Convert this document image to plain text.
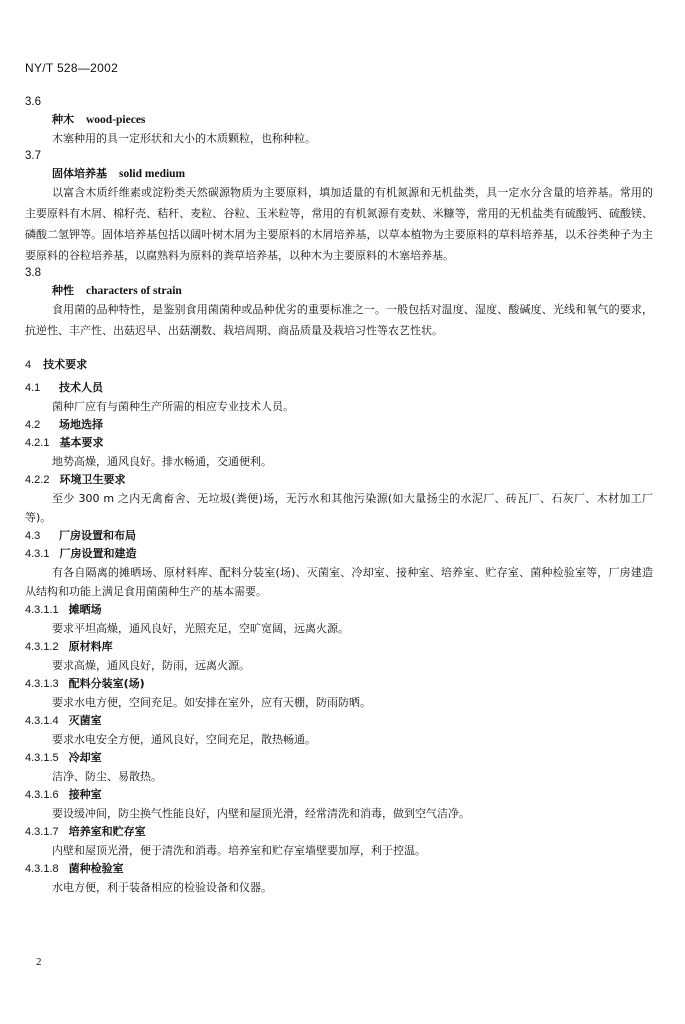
NY/T 528—2002
3.6
种木 wood-pieces

木塞种用的具一定形状和大小的木质颗粒，也称种粒。

3.7
固体培养基 solid medium

以富含木质纤维素或淀粉类天然碳源物质为主要原料，填加适量的有机氮源和无机盐类，具一定水分含量的培养基。常用的主要原料有木屑、棉籽壳、秸秆、麦粒、谷粒、玉米粒等，常用的有机氮源有麦麸、米糠等，常用的无机盐类有硫酸钙、硫酸镁、磷酸二氢钾等。固体培养基包括以阔叶树木屑为主要原料的木屑培养基，以草本植物为主要原料的草料培养基，以禾谷类种子为主要原料的谷粒培养基，以腐熟料为原料的粪草培养基，以种木为主要原料的木塞培养基。

3.8
种性 characters of strain

食用菌的品种特性，是鉴别食用菌菌种或品种优劣的重要标准之一。一般包括对温度、湿度、酸碱度、光线和氧气的要求，抗逆性、丰产性、出菇迟早、出菇潮数、栽培周期、商品质量及栽培习性等农艺性状。

4 技术要求
4.1 技术人员

菌种厂应有与菌种生产所需的相应专业技术人员。

4.2 场地选择
4.2.1 基本要求

地势高燥，通风良好。排水畅通，交通便利。

4.2.2 环境卫生要求

至少 300 m 之内无禽畜舍、无垃圾(粪便)场，无污水和其他污染源(如大量扬尘的水泥厂、砖瓦厂、石灰厂、木材加工厂等)。

4.3 厂房设置和布局
4.3.1 厂房设置和建造

有各自隔离的摊晒场、原材料库、配料分装室(场)、灭菌室、冷却室、接种室、培养室、贮存室、菌种检验室等，厂房建造从结构和功能上满足食用菌菌种生产的基本需要。

4.3.1.1 摊晒场

要求平坦高燥，通风良好，光照充足，空旷宽阔，远离火源。

4.3.1.2 原材料库

要求高燥，通风良好，防雨，远离火源。

4.3.1.3 配料分装室(场)

要求水电方便，空间充足。如安排在室外，应有天棚，防雨防晒。

4.3.1.4 灭菌室

要求水电安全方便，通风良好，空间充足，散热畅通。

4.3.1.5 冷却室

洁净、防尘、易散热。

4.3.1.6 接种室

要设缓冲间，防尘换气性能良好，内壁和屋顶光滑，经常清洗和消毒，做到空气洁净。

4.3.1.7 培养室和贮存室

内壁和屋顶光滑，便于清洗和消毒。培养室和贮存室墙壁要加厚，利于控温。

4.3.1.8 菌种检验室

水电方便，利于装备相应的检验设备和仪器。

2
